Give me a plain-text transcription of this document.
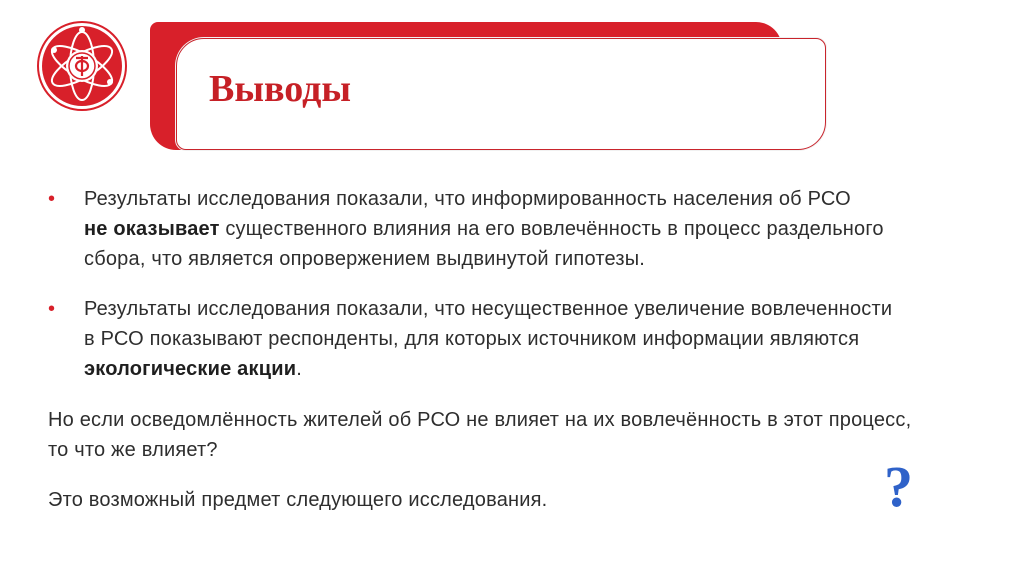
Выводы
•	Результаты исследования показали, что информированность населения об РСО
не оказывает существенного влияния на его вовлечённость в процесс раздельного
сбора, что является опровержением выдвинутой гипотезы.
•	Результаты исследования показали, что несущественное увеличение вовлеченности
в РСО показывают респонденты, для которых источником информации являются
экологические акции.
Но если осведомлённость жителей об РСО не влияет на их вовлечённость в этот процесс,
то что же влияет?
Это возможный предмет следующего исследования.	?
